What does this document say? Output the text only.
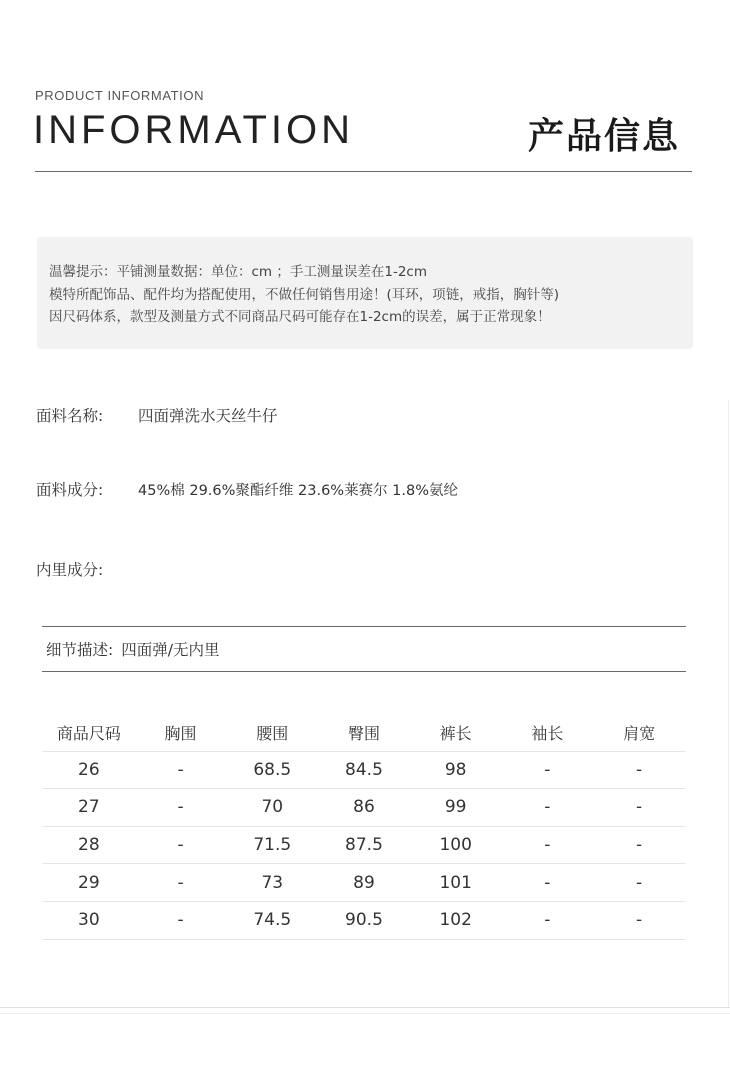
PRODUCT INFORMATION
INFORMATION	产品信息
温馨提示：平铺测量数据：单位：cm ；手工测量误差在1-2cm
模特所配饰品、配件均为搭配使用，不做任何销售用途！(耳环，项链，戒指，胸针等)
因尺码体系，款型及测量方式不同商品尺码可能存在1-2cm的误差，属于正常现象！
面料名称: 四面弹洗水天丝牛仔
面料成分: 45%棉 29.6%聚酯纤维 23.6%莱赛尔 1.8%氨纶
内里成分:
细节描述: 四面弹/无内里
商品尺码	胸围	腰围	臀围	裤长	袖长	肩宽
26	-	68.5	84.5	98	-	-
27	-	70	86	99	-	-
28	-	71.5	87.5	100	-	-
29	-	73	89	101	-	-
30	-	74.5	90.5	102	-	-
